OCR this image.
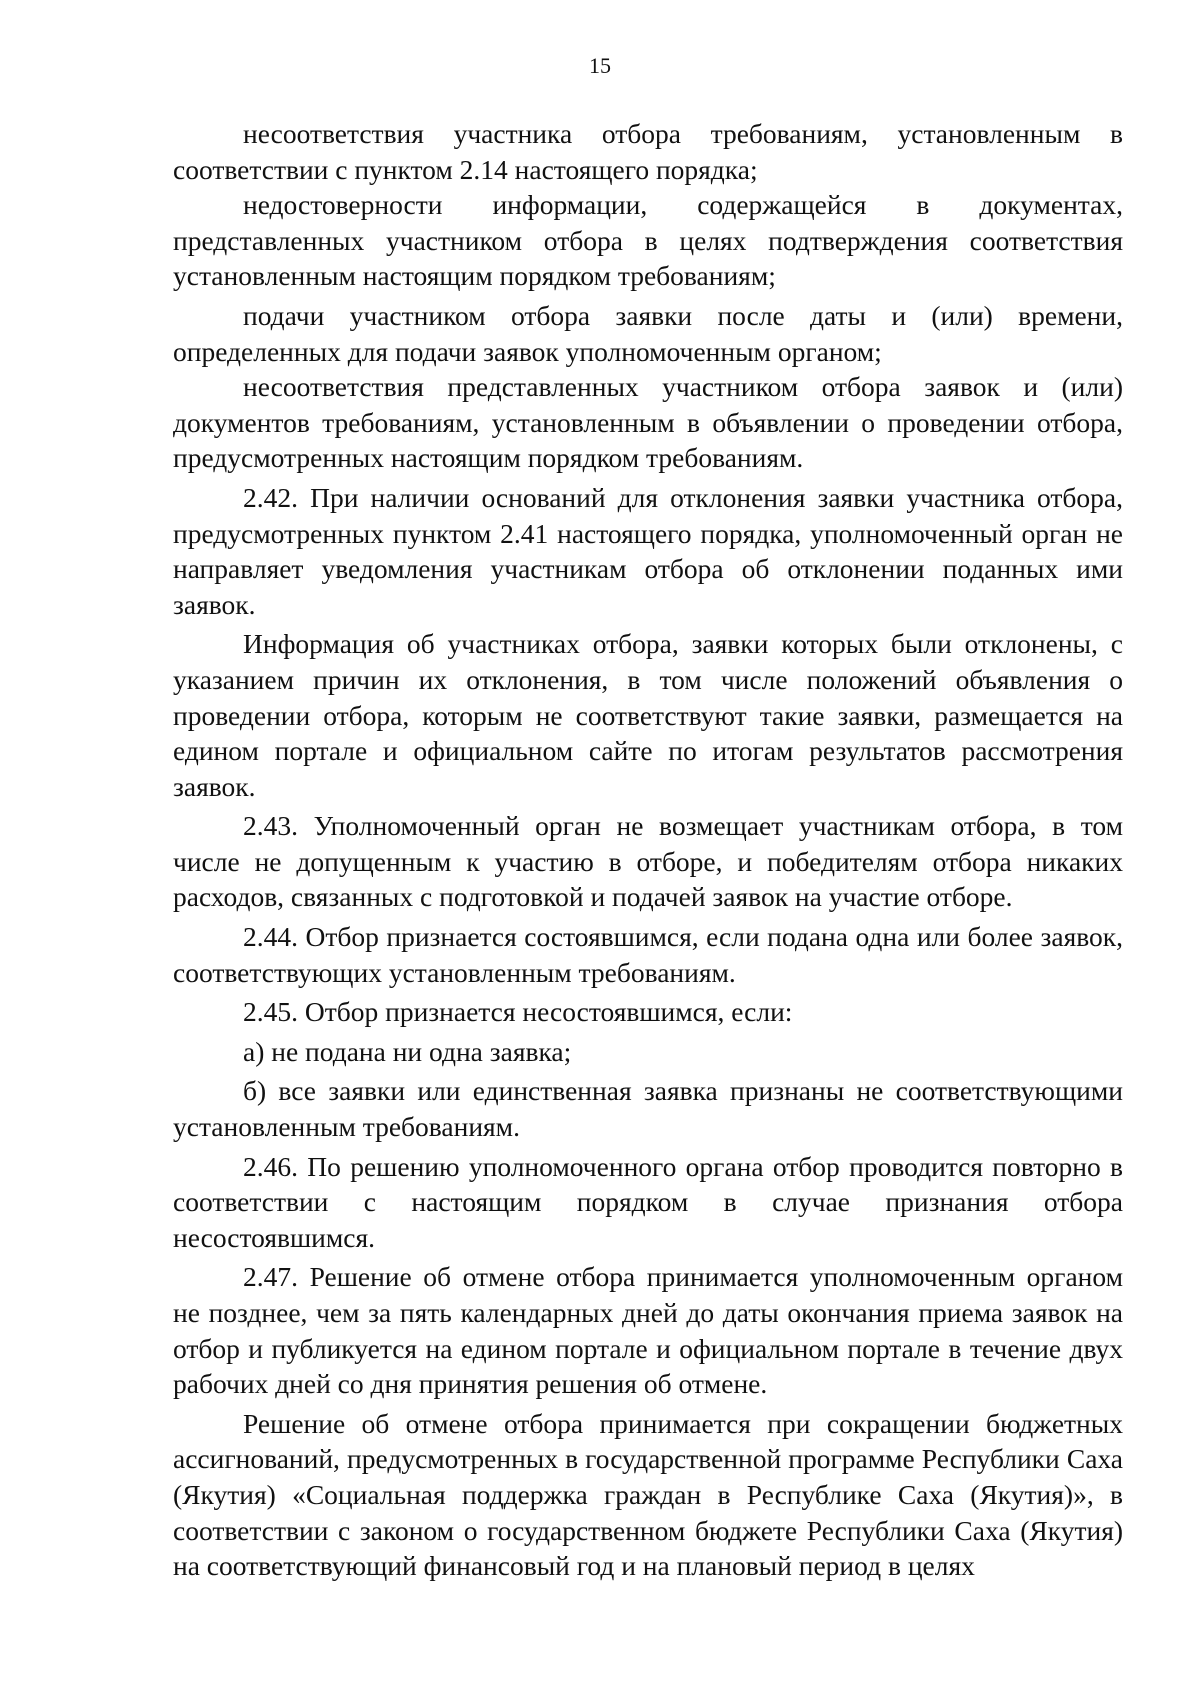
15

несоответствия участника отбора требованиям, установленным в соответствии с пунктом 2.14 настоящего порядка;

недостоверности информации, содержащейся в документах, представленных участником отбора в целях подтверждения соответствия установленным настоящим порядком требованиям;

подачи участником отбора заявки после даты и (или) времени, определенных для подачи заявок уполномоченным органом;

несоответствия представленных участником отбора заявок и (или) документов требованиям, установленным в объявлении о проведении отбора, предусмотренных настоящим порядком требованиям.

2.42. При наличии оснований для отклонения заявки участника отбора, предусмотренных пунктом 2.41 настоящего порядка, уполномоченный орган не направляет уведомления участникам отбора об отклонении поданных ими заявок.

Информация об участниках отбора, заявки которых были отклонены, с указанием причин их отклонения, в том числе положений объявления о проведении отбора, которым не соответствуют такие заявки, размещается на едином портале и официальном сайте по итогам результатов рассмотрения заявок.

2.43. Уполномоченный орган не возмещает участникам отбора, в том числе не допущенным к участию в отборе, и победителям отбора никаких расходов, связанных с подготовкой и подачей заявок на участие отборе.

2.44. Отбор признается состоявшимся, если подана одна или более заявок, соответствующих установленным требованиям.

2.45. Отбор признается несостоявшимся, если:

а) не подана ни одна заявка;

б) все заявки или единственная заявка признаны не соответствующими установленным требованиям.

2.46. По решению уполномоченного органа отбор проводится повторно в соответствии с настоящим порядком в случае признания отбора несостоявшимся.

2.47. Решение об отмене отбора принимается уполномоченным органом не позднее, чем за пять календарных дней до даты окончания приема заявок на отбор и публикуется на едином портале и официальном портале в течение двух рабочих дней со дня принятия решения об отмене.

Решение об отмене отбора принимается при сокращении бюджетных ассигнований, предусмотренных в государственной программе Республики Саха (Якутия) «Социальная поддержка граждан в Республике Саха (Якутия)», в соответствии с законом о государственном бюджете Республики Саха (Якутия) на соответствующий финансовый год и на плановый период в целях
